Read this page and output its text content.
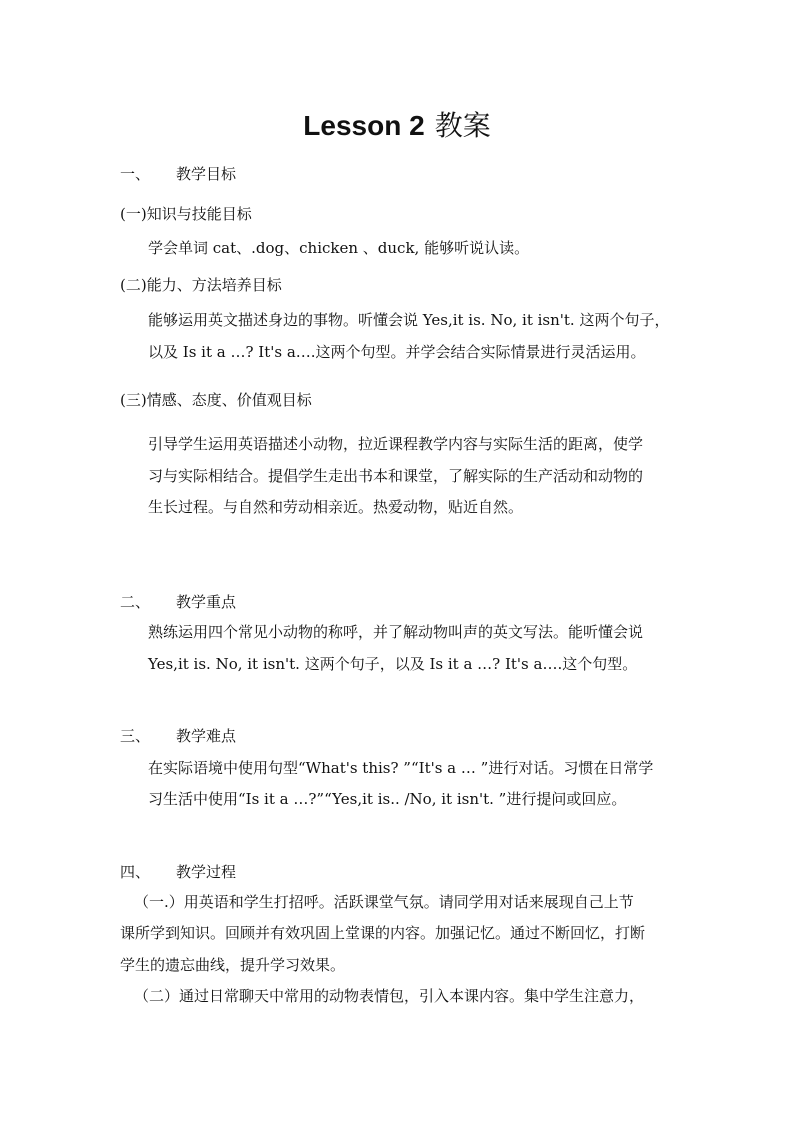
Lesson 2 教案
一、 教学目标
(一)知识与技能目标
学会单词 cat、.dog、chicken 、duck, 能够听说认读。
(二)能力、方法培养目标
能够运用英文描述身边的事物。听懂会说 Yes,it is. No, it isn't. 这两个句子，
以及 Is it a …? It's a….这两个句型。并学会结合实际情景进行灵活运用。
(三)情感、态度、价值观目标
引导学生运用英语描述小动物，拉近课程教学内容与实际生活的距离，使学
习与实际相结合。提倡学生走出书本和课堂，了解实际的生产活动和动物的
生长过程。与自然和劳动相亲近。热爱动物，贴近自然。
二、 教学重点
熟练运用四个常见小动物的称呼，并了解动物叫声的英文写法。能听懂会说
Yes,it is. No, it isn't. 这两个句子，以及 Is it a …? It's a….这个句型。
三、 教学难点
在实际语境中使用句型“What's this? ”“It's a … ”进行对话。习惯在日常学
习生活中使用“Is it a …?”“Yes,it is.. /No, it isn't. ”进行提问或回应。
四、 教学过程
（一.）用英语和学生打招呼。活跃课堂气氛。请同学用对话来展现自己上节
课所学到知识。回顾并有效巩固上堂课的内容。加强记忆。通过不断回忆，打断
学生的遗忘曲线，提升学习效果。
（二）通过日常聊天中常用的动物表情包，引入本课内容。集中学生注意力，
